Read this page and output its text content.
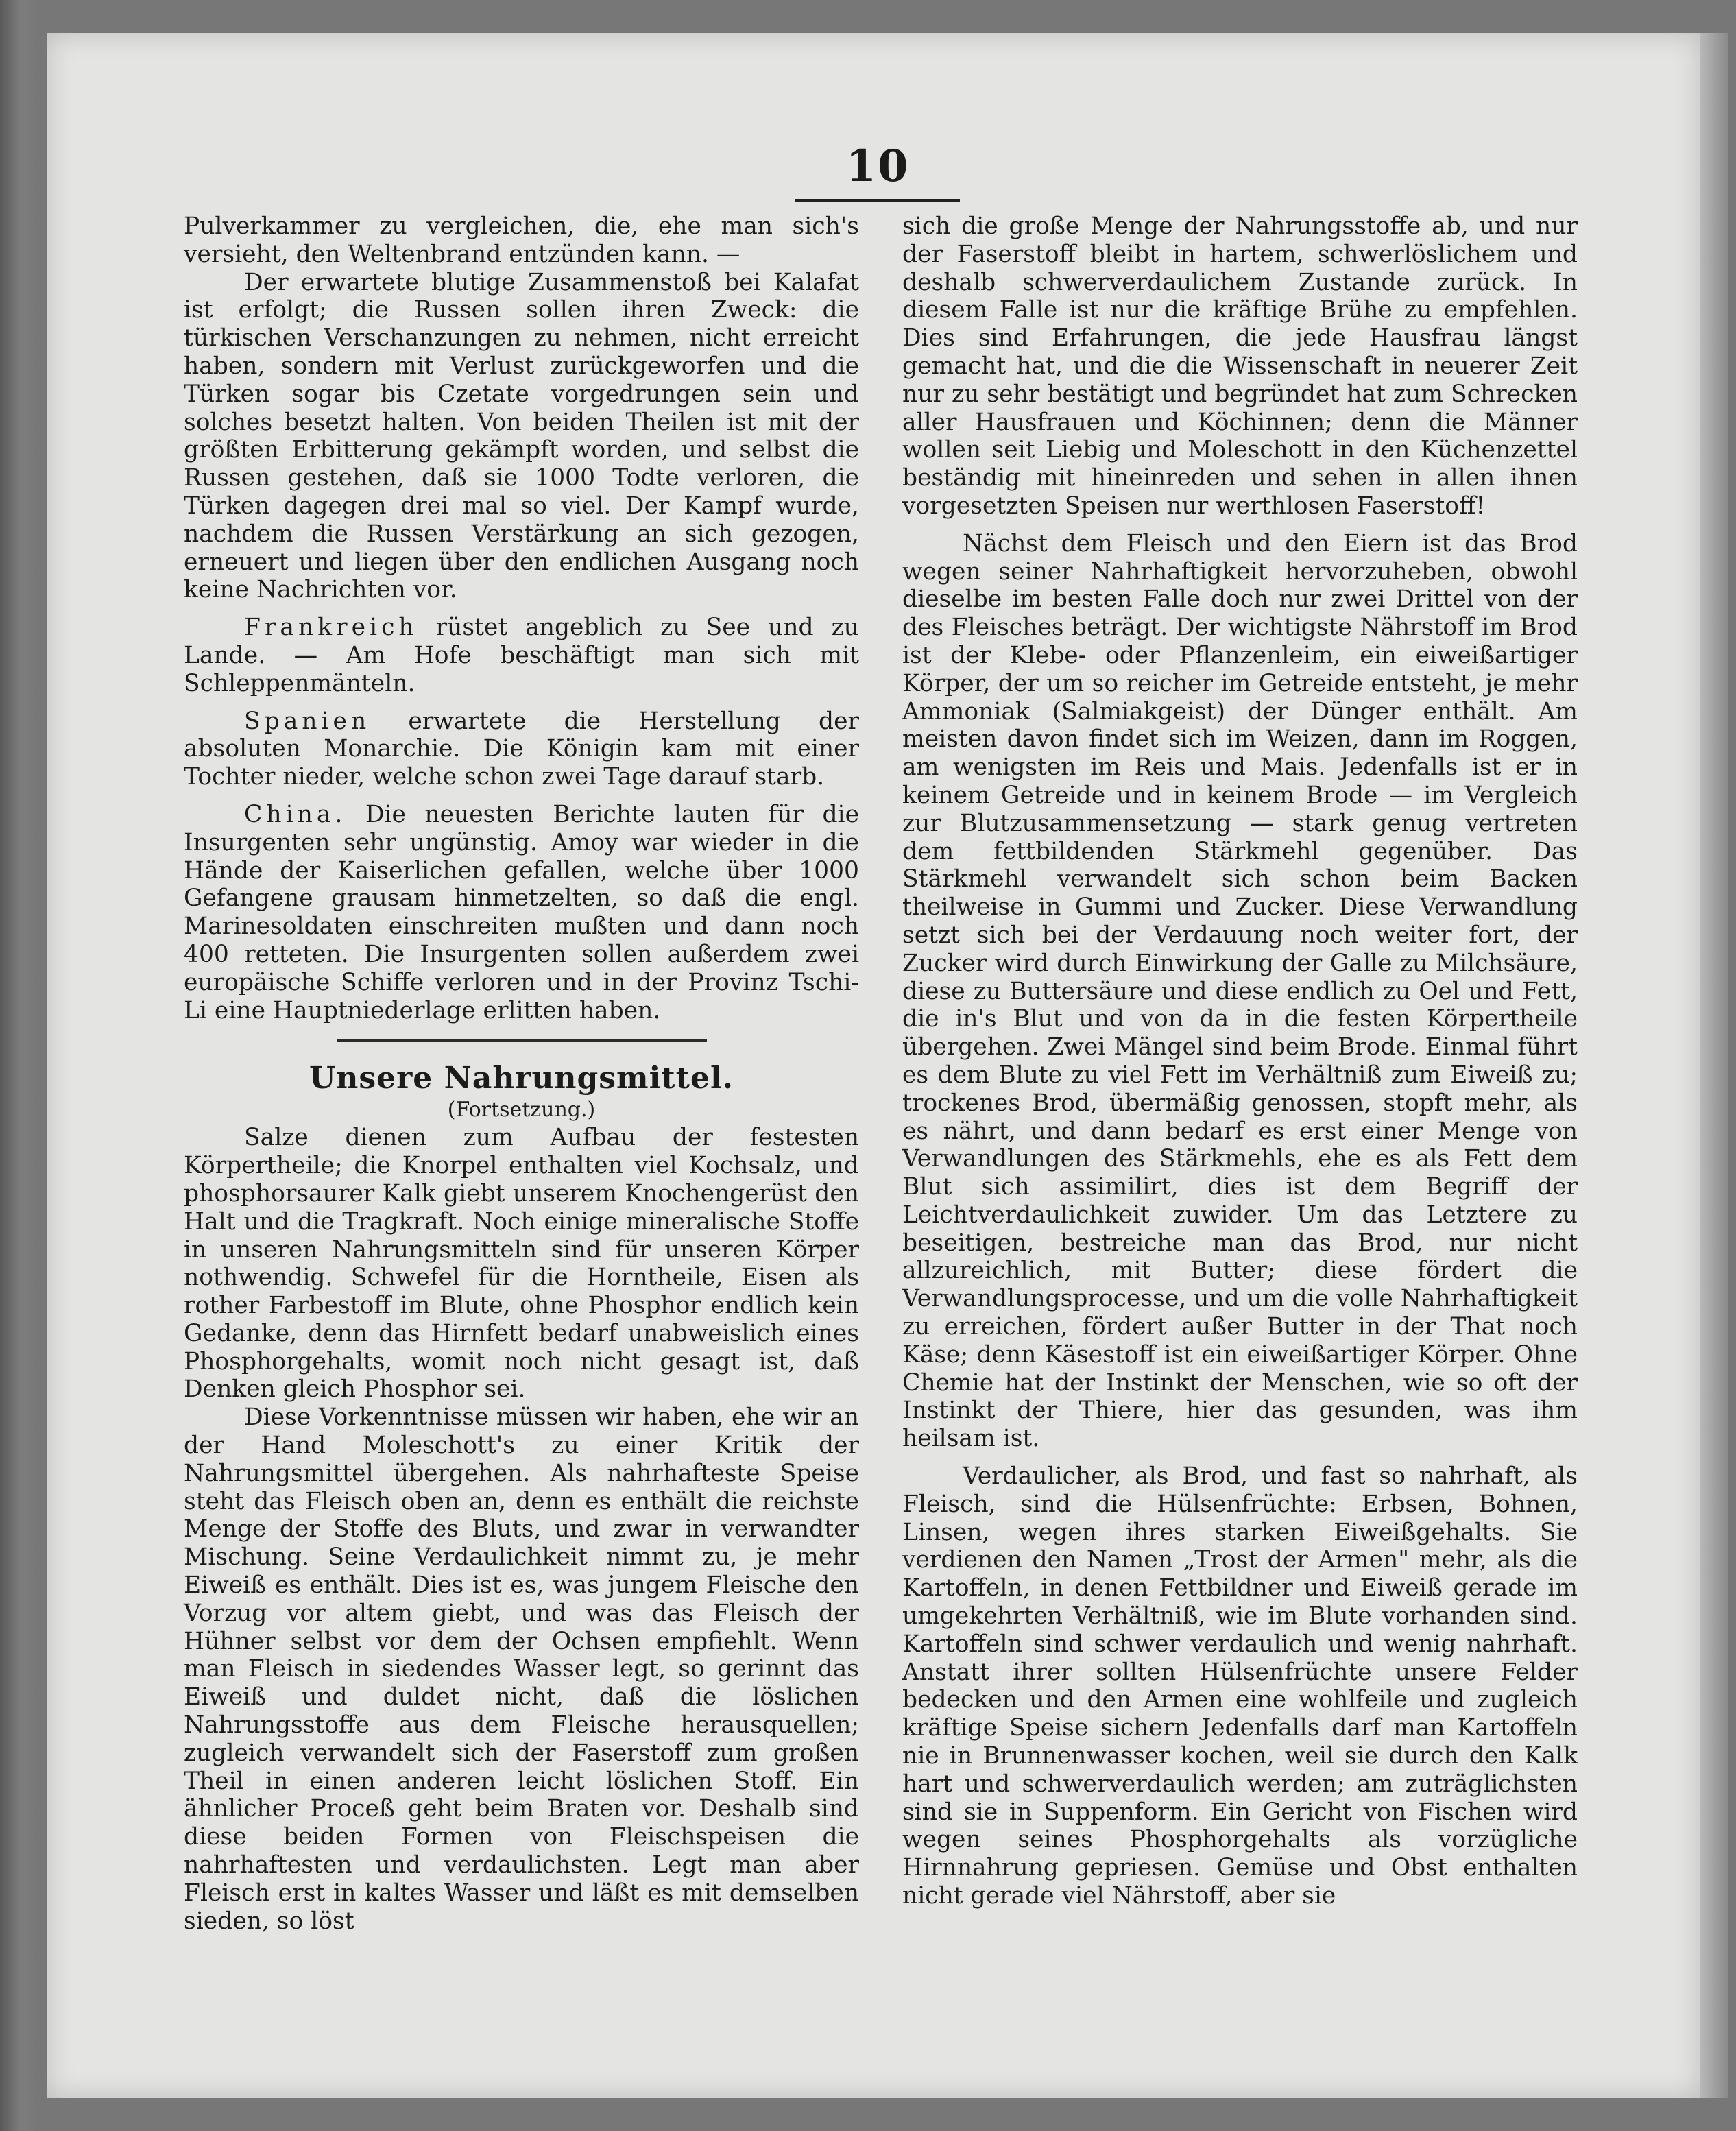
10

Pulverkammer zu vergleichen, die, ehe man sich's versieht, den Weltenbrand entzünden kann. —

Der erwartete blutige Zusammenstoß bei Kalafat ist erfolgt; die Russen sollen ihren Zweck: die türkischen Verschanzungen zu nehmen, nicht erreicht haben, sondern mit Verlust zurückgeworfen und die Türken sogar bis Czetate vorgedrungen sein und solches besetzt halten. Von beiden Theilen ist mit der größten Erbitterung gekämpft worden, und selbst die Russen gestehen, daß sie 1000 Todte verloren, die Türken dagegen drei mal so viel. Der Kampf wurde, nachdem die Russen Verstärkung an sich gezogen, erneuert und liegen über den endlichen Ausgang noch keine Nachrichten vor.

Frankreich rüstet angeblich zu See und zu Lande. — Am Hofe beschäftigt man sich mit Schleppenmänteln.

Spanien erwartete die Herstellung der absoluten Monarchie. Die Königin kam mit einer Tochter nieder, welche schon zwei Tage darauf starb.

China. Die neuesten Berichte lauten für die Insurgenten sehr ungünstig. Amoy war wieder in die Hände der Kaiserlichen gefallen, welche über 1000 Gefangene grausam hinmetzelten, so daß die engl. Marinesoldaten einschreiten mußten und dann noch 400 retteten. Die Insurgenten sollen außerdem zwei europäische Schiffe verloren und in der Provinz Tschi-Li eine Hauptniederlage erlitten haben.

Unsere Nahrungsmittel.

(Fortsetzung.)

Salze dienen zum Aufbau der festesten Körpertheile; die Knorpel enthalten viel Kochsalz, und phosphorsaurer Kalk giebt unserem Knochengerüst den Halt und die Tragkraft. Noch einige mineralische Stoffe in unseren Nahrungsmitteln sind für unseren Körper nothwendig. Schwefel für die Horntheile, Eisen als rother Farbestoff im Blute, ohne Phosphor endlich kein Gedanke, denn das Hirnfett bedarf unabweislich eines Phosphorgehalts, womit noch nicht gesagt ist, daß Denken gleich Phosphor sei.

Diese Vorkenntnisse müssen wir haben, ehe wir an der Hand Moleschott's zu einer Kritik der Nahrungsmittel übergehen. Als nahrhafteste Speise steht das Fleisch oben an, denn es enthält die reichste Menge der Stoffe des Bluts, und zwar in verwandter Mischung. Seine Verdaulichkeit nimmt zu, je mehr Eiweiß es enthält. Dies ist es, was jungem Fleische den Vorzug vor altem giebt, und was das Fleisch der Hühner selbst vor dem der Ochsen empfiehlt. Wenn man Fleisch in siedendes Wasser legt, so gerinnt das Eiweiß und duldet nicht, daß die löslichen Nahrungsstoffe aus dem Fleische herausquellen; zugleich verwandelt sich der Faserstoff zum großen Theil in einen anderen leicht löslichen Stoff. Ein ähnlicher Proceß geht beim Braten vor. Deshalb sind diese beiden Formen von Fleischspeisen die nahrhaftesten und verdaulichsten. Legt man aber Fleisch erst in kaltes Wasser und läßt es mit demselben sieden, so löst

sich die große Menge der Nahrungsstoffe ab, und nur der Faserstoff bleibt in hartem, schwerlöslichem und deshalb schwerverdaulichem Zustande zurück. In diesem Falle ist nur die kräftige Brühe zu empfehlen. Dies sind Erfahrungen, die jede Hausfrau längst gemacht hat, und die die Wissenschaft in neuerer Zeit nur zu sehr bestätigt und begründet hat zum Schrecken aller Hausfrauen und Köchinnen; denn die Männer wollen seit Liebig und Moleschott in den Küchenzettel beständig mit hineinreden und sehen in allen ihnen vorgesetzten Speisen nur werthlosen Faserstoff!

Nächst dem Fleisch und den Eiern ist das Brod wegen seiner Nahrhaftigkeit hervorzuheben, obwohl dieselbe im besten Falle doch nur zwei Drittel von der des Fleisches beträgt. Der wichtigste Nährstoff im Brod ist der Klebe- oder Pflanzenleim, ein eiweißartiger Körper, der um so reicher im Getreide entsteht, je mehr Ammoniak (Salmiakgeist) der Dünger enthält. Am meisten davon findet sich im Weizen, dann im Roggen, am wenigsten im Reis und Mais. Jedenfalls ist er in keinem Getreide und in keinem Brode — im Vergleich zur Blutzusammensetzung — stark genug vertreten dem fettbildenden Stärkmehl gegenüber. Das Stärkmehl verwandelt sich schon beim Backen theilweise in Gummi und Zucker. Diese Verwandlung setzt sich bei der Verdauung noch weiter fort, der Zucker wird durch Einwirkung der Galle zu Milchsäure, diese zu Buttersäure und diese endlich zu Oel und Fett, die in's Blut und von da in die festen Körpertheile übergehen. Zwei Mängel sind beim Brode. Einmal führt es dem Blute zu viel Fett im Verhältniß zum Eiweiß zu; trockenes Brod, übermäßig genossen, stopft mehr, als es nährt, und dann bedarf es erst einer Menge von Verwandlungen des Stärkmehls, ehe es als Fett dem Blut sich assimilirt, dies ist dem Begriff der Leichtverdaulichkeit zuwider. Um das Letztere zu beseitigen, bestreiche man das Brod, nur nicht allzureichlich, mit Butter; diese fördert die Verwandlungsprocesse, und um die volle Nahrhaftigkeit zu erreichen, fördert außer Butter in der That noch Käse; denn Käsestoff ist ein eiweißartiger Körper. Ohne Chemie hat der Instinkt der Menschen, wie so oft der Instinkt der Thiere, hier das gesunden, was ihm heilsam ist.

Verdaulicher, als Brod, und fast so nahrhaft, als Fleisch, sind die Hülsenfrüchte: Erbsen, Bohnen, Linsen, wegen ihres starken Eiweißgehalts. Sie verdienen den Namen „Trost der Armen" mehr, als die Kartoffeln, in denen Fettbildner und Eiweiß gerade im umgekehrten Verhältniß, wie im Blute vorhanden sind. Kartoffeln sind schwer verdaulich und wenig nahrhaft. Anstatt ihrer sollten Hülsenfrüchte unsere Felder bedecken und den Armen eine wohlfeile und zugleich kräftige Speise sichern Jedenfalls darf man Kartoffeln nie in Brunnenwasser kochen, weil sie durch den Kalk hart und schwerverdaulich werden; am zuträglichsten sind sie in Suppenform. Ein Gericht von Fischen wird wegen seines Phosphorgehalts als vorzügliche Hirnnahrung gepriesen. Gemüse und Obst enthalten nicht gerade viel Nährstoff, aber sie
